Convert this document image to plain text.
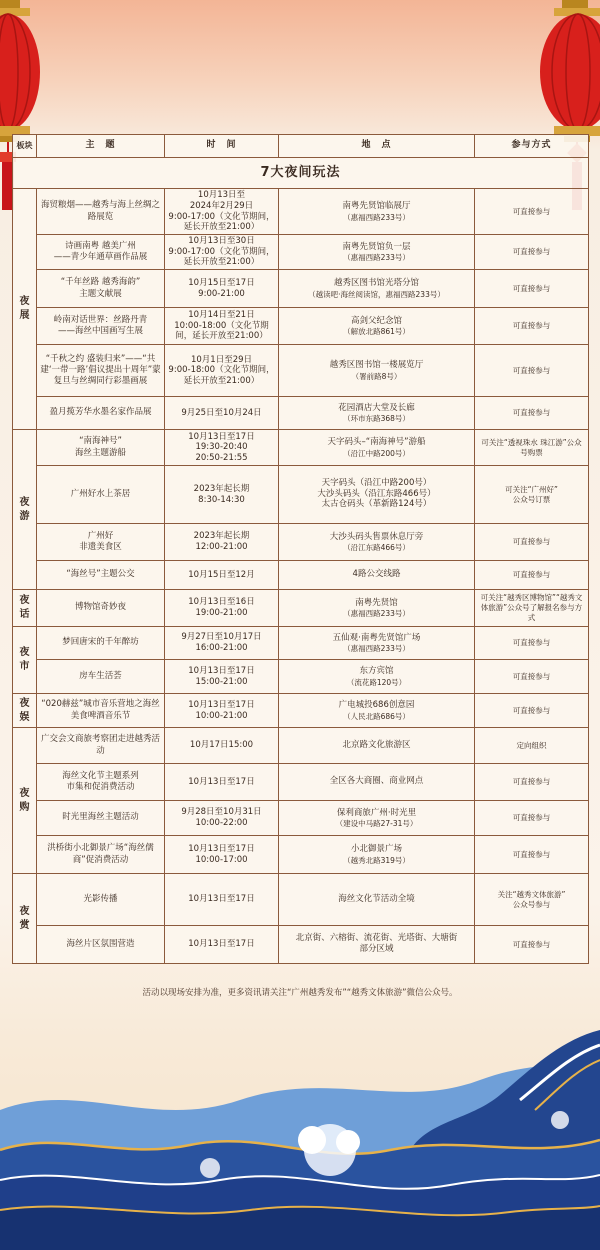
板块	主　题	时　间	地　点	参与方式
7大夜间玩法				

夜
展	海贸粮烟——越秀与海上丝绸之路展览	10月13日至
2024年2月29日
9:00-17:00（文化节期间，延长开放至21:00）	南粤先贤馆临展厅
（惠福西路233号）	可直接参与
	诗画南粤 越美广州
——青少年通草画作品展	10月13日至30日
9:00-17:00（文化节期间，延长开放至21:00）	南粤先贤馆负一层
（惠福西路233号）	可直接参与
	“千年丝路 越秀海韵”
主题文献展	10月15日至17日
9:00-21:00	越秀区图书馆光塔分馆
（越读吧·海丝阅读馆，惠福西路233号）	可直接参与
	岭南对话世界：丝路丹青
——海丝中国画写生展	10月14日至21日
10:00-18:00（文化节期间，延长开放至21:00）	高剑父纪念馆
（解放北路861号）	可直接参与
	“千秋之约 盛装归来”——“共建‘一带一路’倡议提出十周年”蒙复旦与丝绸同行彩墨画展	10月1日至29日
9:00-18:00（文化节期间，延长开放至21:00）	越秀区图书馆一楼展览厅
（署前路8号）	可直接参与
	盈月揽芳华水墨名家作品展	9月25日至10月24日	花园酒店大堂及长廊
（环市东路368号）	可直接参与

夜
游	“南海神号”
海丝主题游船	10月13日至17日
19:30-20:40
20:50-21:55	天字码头–“南海神号”游船
（沿江中路200号）	可关注“透视珠水 珠江游”公众号购票
	广州好水上茶居	2023年起长期
8:30-14:30	天字码头（沿江中路200号）
大沙头码头（沿江东路466号）
太古仓码头（革新路124号）	可关注“广州好”
公众号订票
	广州好
非遗美食区	2023年起长期
12:00-21:00	大沙头码头售票休息厅旁
（沿江东路466号）	可直接参与
	“海丝号”主题公交	10月15日至12月	4路公交线路	可直接参与

夜
话	博物馆奇妙夜	10月13日至16日
19:00-21:00	南粤先贤馆
（惠福西路233号）	可关注“越秀区博物馆”“越秀文体旅游”公众号了解报名参与方式

夜
市	梦回唐宋的千年醉坊	9月27日至10月17日
16:00-21:00	五仙观·南粤先贤馆广场
（惠福西路233号）	可直接参与
	房车生活荟	10月13日至17日
15:00-21:00	东方宾馆
（流花路120号）	可直接参与

夜
娱	“020赫兹”城市音乐营地之海丝美食啤酒音乐节	10月13日至17日
10:00-21:00	广电城投686创意园
（人民北路686号）	可直接参与

夜
购	广交会文商旅考察团走进越秀活动	10月17日15:00	北京路文化旅游区	定向组织
	海丝文化节主题系列
市集和促消费活动	10月13日至17日	全区各大商圈、商业网点	可直接参与
	时光里海丝主题活动	9月28日至10月31日
10:00-22:00	保利商旅广州·时光里
（建设中马路27-31号）	可直接参与
	洪桥街小北御景广场“海丝儒商”促消费活动	10月13日至17日
10:00-17:00	小北御景广场
（越秀北路319号）	可直接参与

夜
赏	光影传播	10月13日至17日	海丝文化节活动全境	关注“越秀文体旅游”
公众号参与
	海丝片区氛围营造	10月13日至17日	北京街、六榕街、流花街、光塔街、大塘街
部分区域	可直接参与
活动以现场安排为准，更多资讯请关注“广州越秀发布”“越秀文体旅游”微信公众号。
